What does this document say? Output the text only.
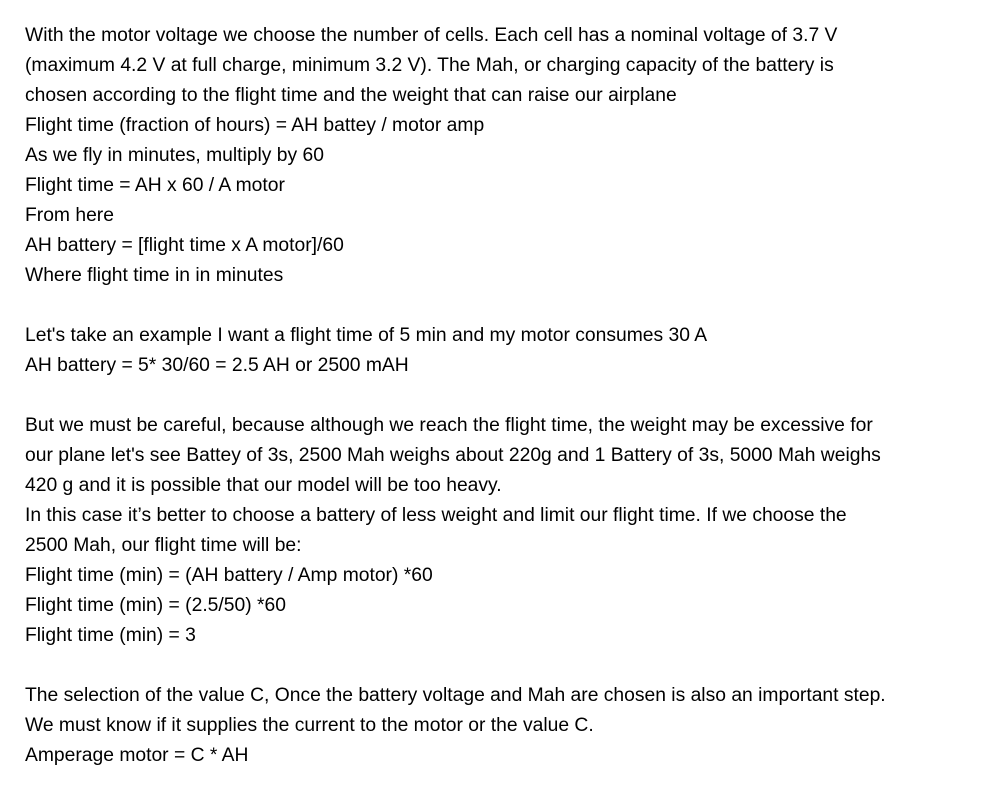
With the motor voltage we choose the number of cells. Each cell has a nominal voltage of 3.7 V
(maximum 4.2 V at full charge, minimum 3.2 V). The Mah, or charging capacity of the battery is
chosen according to the flight time and the weight that can raise our airplane
Flight time (fraction of hours) = AH battey / motor amp
As we fly in minutes, multiply by 60
Flight time = AH x 60 / A motor
From here
AH battery = [flight time x A motor]/60
Where flight time in in minutes
Let's take an example I want a flight time of 5 min and my motor consumes 30 A
AH battery = 5* 30/60 = 2.5 AH or 2500 mAH
But we must be careful, because although we reach the flight time, the weight may be excessive for
our plane let's see Battey of 3s, 2500 Mah weighs about 220g and 1 Battery of 3s, 5000 Mah weighs
420 g and it is possible that our model will be too heavy.
In this case it’s better to choose a battery of less weight and limit our flight time. If we choose the
2500 Mah, our flight time will be:
Flight time (min) = (AH battery / Amp motor) *60
Flight time (min) = (2.5/50) *60
Flight time (min) = 3
The selection of the value C, Once the battery voltage and Mah are chosen is also an important step.
We must know if it supplies the current to the motor or the value C.
Amperage motor = C * AH
